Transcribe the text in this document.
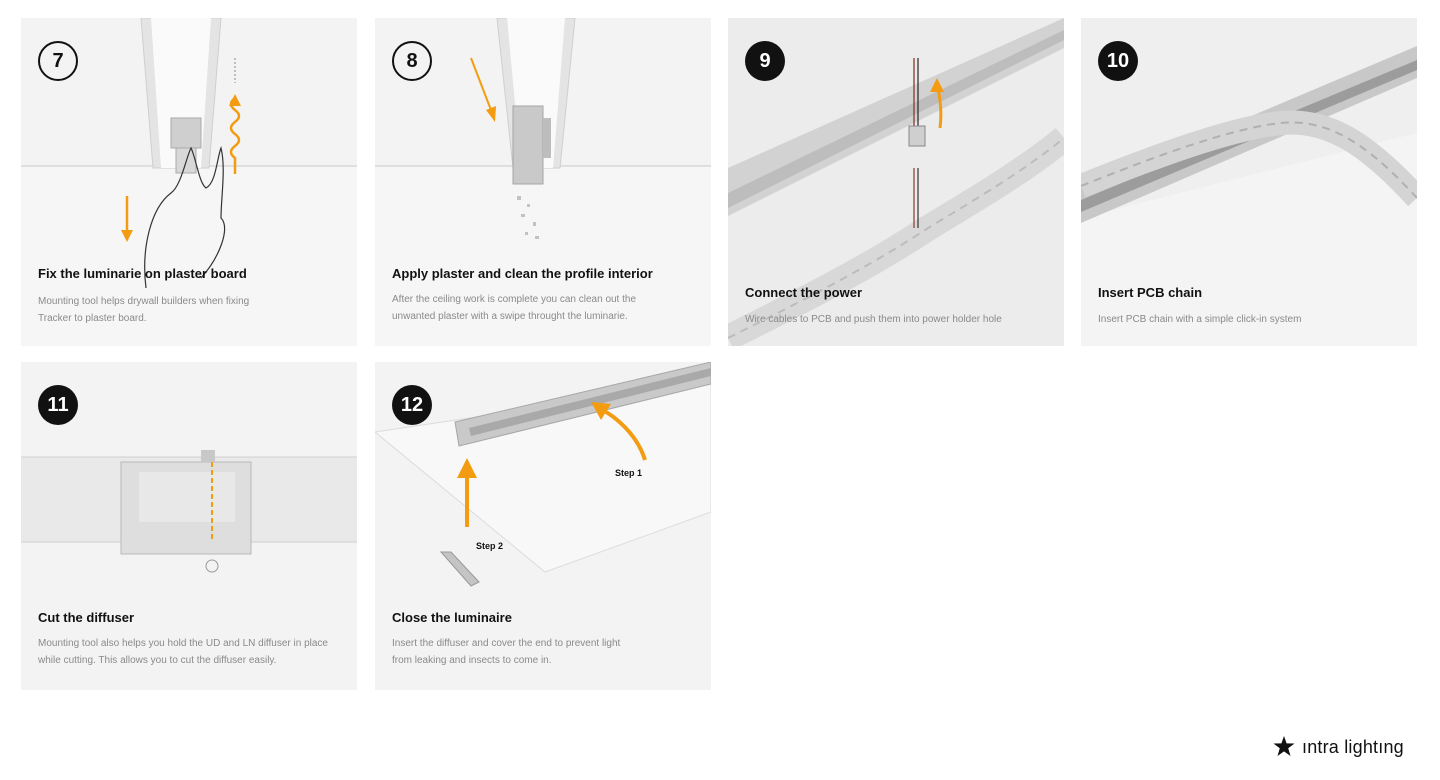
7
Fix the luminarie on plaster board
Mounting tool helps drywall builders when fixing Tracker to plaster board.
8
Apply plaster and clean the profile interior
After the ceiling work is complete you can clean out the unwanted plaster with a swipe throught the luminarie.
9
Connect the power
Wire cables to PCB and push them into power holder hole
10
Insert PCB chain
Insert PCB chain with a simple click-in system
11
Cut the diffuser
Mounting tool also helps you hold the UD and LN diffuser in place while cutting. This allows you to cut the diffuser easily.
Step 1
Step 2
12
Close the luminaire
Insert the diffuser and cover the end to prevent light from leaking and insects to come in.
ıntra lightıng
